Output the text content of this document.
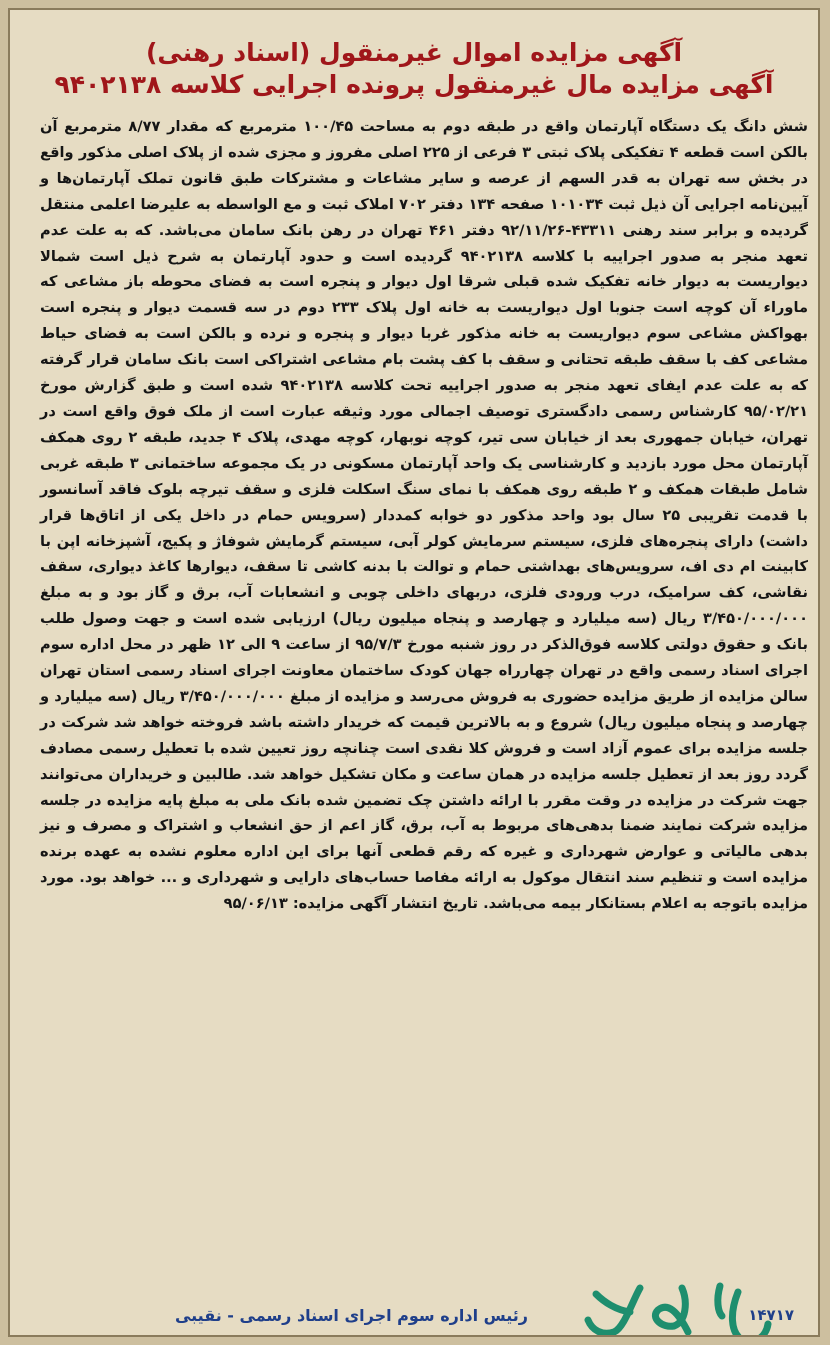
آگهی مزایده اموال غیرمنقول (اسناد رهنی)
آگهی مزایده مال غیرمنقول پرونده اجرایی کلاسه ۹۴۰۲۱۳۸
شش دانگ یک دستگاه آپارتمان واقع در طبقه دوم به مساحت ۱۰۰/۴۵ مترمربع که مقدار ۸/۷۷ مترمربع آن بالکن است قطعه ۴ تفکیکی پلاک ثبتی ۳ فرعی از ۲۲۵ اصلی مفروز و مجزی شده از پلاک اصلی مذکور واقع در بخش سه تهران به قدر السهم از عرصه و سایر مشاعات و مشترکات طبق قانون تملک آپارتمان‌ها و آیین‌نامه اجرایی آن ذیل ثبت ۱۰۱۰۳۴ صفحه ۱۳۴ دفتر ۷۰۲ املاک ثبت و مع الواسطه به علیرضا اعلمی منتقل گردیده و برابر سند رهنی ۴۳۳۱۱-۹۲/۱۱/۲۶ دفتر ۴۶۱ تهران در رهن بانک سامان می‌باشد. که به علت عدم تعهد منجر به صدور اجراییه با کلاسه ۹۴۰۲۱۳۸ گردیده است و حدود آپارتمان به شرح ذیل است شمالا دیواریست به دیوار خانه تفکیک شده قبلی شرقا اول دیوار و پنجره است به فضای محوطه باز مشاعی که ماوراء آن کوچه است جنوبا اول دیواریست به خانه اول پلاک ۲۳۳ دوم در سه قسمت دیوار و پنجره است بهواکش مشاعی سوم دیواریست به خانه مذکور غربا دیوار و پنجره و نرده و بالکن است به فضای حیاط مشاعی کف با سقف طبقه تحتانی و سقف با کف پشت بام مشاعی اشتراکی است بانک سامان قرار گرفته که به علت عدم ایفای تعهد منجر به صدور اجراییه تحت کلاسه ۹۴۰۲۱۳۸ شده است و طبق گزارش مورخ ۹۵/۰۲/۲۱ کارشناس رسمی دادگستری توصیف اجمالی مورد وثیقه عبارت است از ملک فوق واقع است در تهران، خیابان جمهوری بعد از خیابان سی تیر، کوچه نوبهار، کوچه مهدی، پلاک ۴ جدید، طبقه ۲ روی همکف آپارتمان محل مورد بازدید و کارشناسی یک واحد آپارتمان مسکونی در یک مجموعه ساختمانی ۳ طبقه غربی شامل طبقات همکف و ۲ طبقه روی همکف با نمای سنگ اسکلت فلزی و سقف تیرچه بلوک فاقد آسانسور با قدمت تقریبی ۲۵ سال بود واحد مذکور دو خوابه کمددار (سرویس حمام در داخل یکی از اتاق‌ها قرار داشت) دارای پنجره‌های فلزی، سیستم سرمایش کولر آبی، سیستم گرمایش شوفاژ و پکیج، آشپزخانه اپن با کابینت ام دی اف، سرویس‌های بهداشتی حمام و توالت با بدنه کاشی تا سقف، دیوارها کاغذ دیواری، سقف نقاشی، کف سرامیک، درب ورودی فلزی، دربهای داخلی چوبی و انشعابات آب، برق و گاز بود و به مبلغ ۳/۴۵۰/۰۰۰/۰۰۰ ریال (سه میلیارد و چهارصد و پنجاه میلیون ریال) ارزیابی شده است و جهت وصول طلب بانک و حقوق دولتی کلاسه فوق‌الذکر در روز شنبه مورخ ۹۵/۷/۳ از ساعت ۹ الی ۱۲ ظهر در محل اداره سوم اجرای اسناد رسمی واقع در تهران چهارراه جهان کودک ساختمان معاونت اجرای اسناد رسمی استان تهران سالن مزایده از طریق مزایده حضوری به فروش می‌رسد و مزایده از مبلغ ۳/۴۵۰/۰۰۰/۰۰۰ ریال (سه میلیارد و چهارصد و پنجاه میلیون ریال) شروع و به بالاترین قیمت که خریدار داشته باشد فروخته خواهد شد شرکت در جلسه مزایده برای عموم آزاد است و فروش کلا نقدی است چنانچه روز تعیین شده با تعطیل رسمی مصادف گردد روز بعد از تعطیل جلسه مزایده در همان ساعت و مکان تشکیل خواهد شد. طالبین و خریداران می‌توانند جهت شرکت در مزایده در وقت مقرر با ارائه داشتن چک تضمین شده بانک ملی به مبلغ پایه مزایده در جلسه مزایده شرکت نمایند ضمنا بدهی‌های مربوط به آب، برق، گاز اعم از حق انشعاب و اشتراک و مصرف و نیز بدهی مالیاتی و عوارض شهرداری و غیره که رقم قطعی آنها برای این اداره معلوم نشده به عهده برنده مزایده است و تنظیم سند انتقال موکول به ارائه مفاصا حساب‌های دارایی و شهرداری و ... خواهد بود. مورد مزایده باتوجه به اعلام بستانکار بیمه می‌باشد. تاریخ انتشار آگهی مزایده: ۹۵/۰۶/۱۳
رئیس اداره سوم اجرای اسناد رسمی - نقیبی	۱۴۷۱۷
